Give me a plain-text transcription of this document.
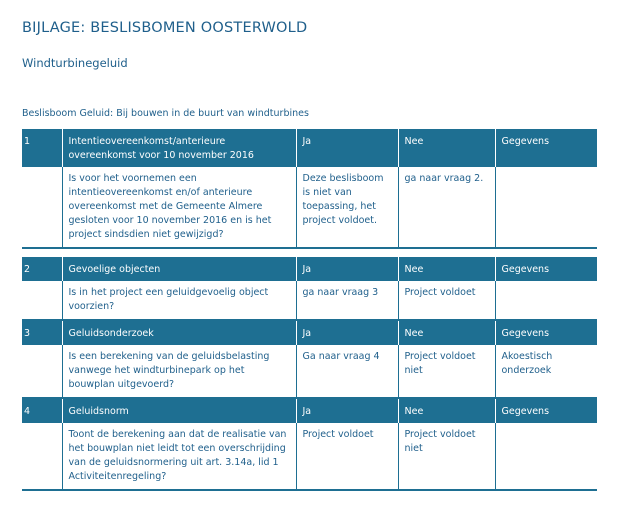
BIJLAGE: BESLISBOMEN OOSTERWOLD
Windturbinegeluid
Beslisboom Geluid: Bij bouwen in de buurt van windturbines
1	Intentieovereenkomst/anterieure overeenkomst voor 10 november 2016	Ja	Nee	Gegevens
	Is voor het voornemen een intentieovereenkomst en/of anterieure overeenkomst met de Gemeente Almere gesloten voor 10 november 2016 en is het project sindsdien niet gewijzigd?	Deze beslisboom is niet van toepassing, het project voldoet.	ga naar vraag 2.	

2	Gevoelige objecten	Ja	Nee	Gegevens
	Is in het project een geluidgevoelig object voorzien?	ga naar vraag 3	Project voldoet	
3	Geluidsonderzoek	Ja	Nee	Gegevens
	Is een berekening van de geluidsbelasting vanwege het windturbinepark op het bouwplan uitgevoerd?	Ga naar vraag 4	Project voldoet niet	Akoestisch onderzoek
4	Geluidsnorm	Ja	Nee	Gegevens
	Toont de berekening aan dat de realisatie van het bouwplan niet leidt tot een overschrijding van de geluidsnormering uit art. 3.14a, lid 1 Activiteitenregeling?	Project voldoet	Project voldoet niet	
